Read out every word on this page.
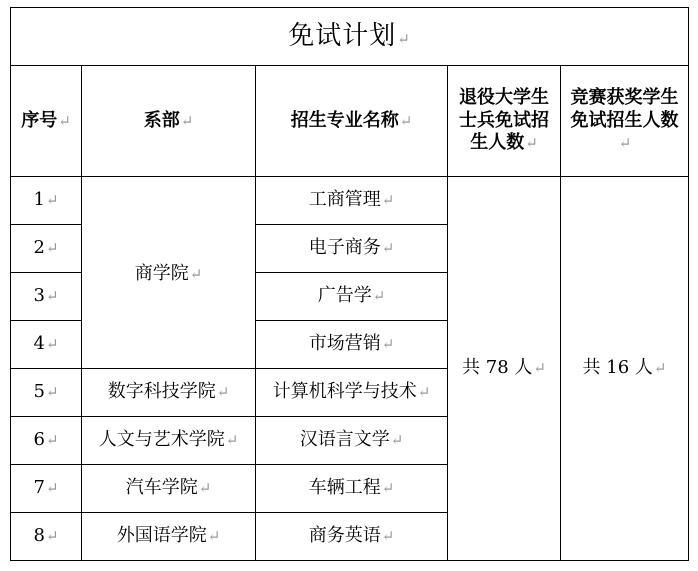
免试计划↵				
序号↵	系部↵	招生专业名称↵	退役大学生士兵免试招生人数↵	竞赛获奖学生免试招生人数↵
1↵	商学院↵	工商管理↵	共 78 人↵	共 16 人↵
2↵		电子商务↵		
3↵		广告学↵		
4↵		市场营销↵		
5↵	数字科技学院↵	计算机科学与技术↵		
6↵	人文与艺术学院↵	汉语言文学↵		
7↵	汽车学院↵	车辆工程↵		
8↵	外国语学院↵	商务英语↵		
